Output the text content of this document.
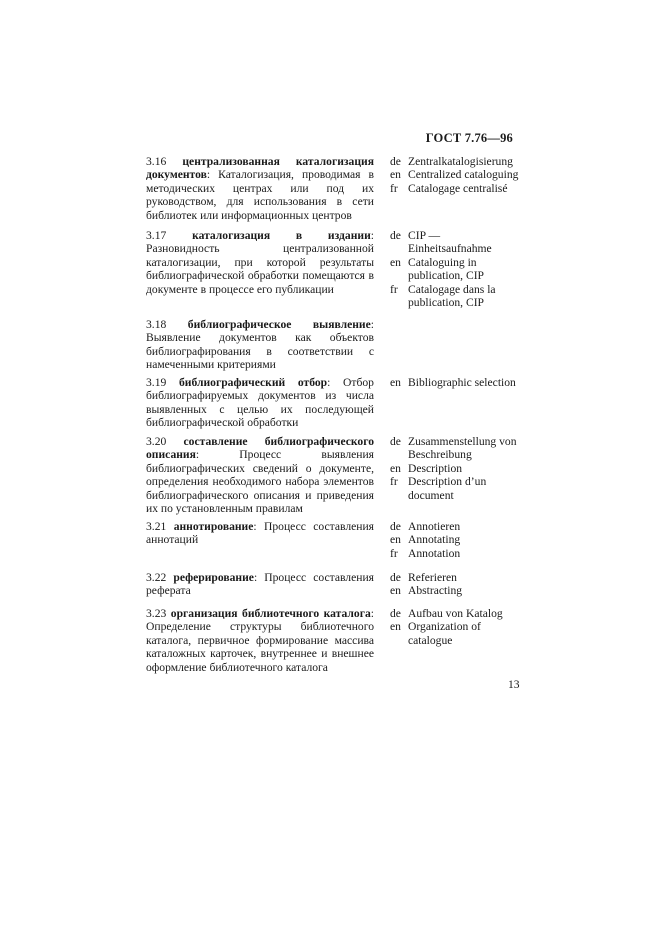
ГОСТ 7.76—96
3.16 централизованная каталогизация документов: Каталогизация, проводимая в методических центрах или под их руководством, для использования в сети библиотек или информационных центров
de Zentralkatalogisierung
en Centralized cataloguing
fr Catalogage centralisé
3.17 каталогизация в издании: Разновидность централизованной каталогизации, при которой результаты библиографической обработки помещаются в документе в процессе его публикации
de CIP — Einheitsaufnahme
en Cataloguing in publication, CIP
fr Catalogage dans la publication, CIP
3.18 библиографическое выявление: Выявление документов как объектов библиографирования в соответствии с намеченными критериями
3.19 библиографический отбор: Отбор библиографируемых документов из числа выявленных с целью их последующей библиографической обработки
en Bibliographic selection
3.20 составление библиографического описания: Процесс выявления библиографических сведений о документе, определения необходимого набора элементов библиографического описания и приведения их по установленным правилам
de Zusammenstellung von Beschreibung
en Description
fr Description d’un document
3.21 аннотирование: Процесс составления аннотаций
de Annotieren
en Annotating
fr Annotation
3.22 реферирование: Процесс составления реферата
de Referieren
en Abstracting
3.23 организация библиотечного каталога: Определение структуры библиотечного каталога, первичное формирование массива каталожных карточек, внутреннее и внешнее оформление библиотечного каталога
de Aufbau von Katalog
en Organization of catalogue
13
